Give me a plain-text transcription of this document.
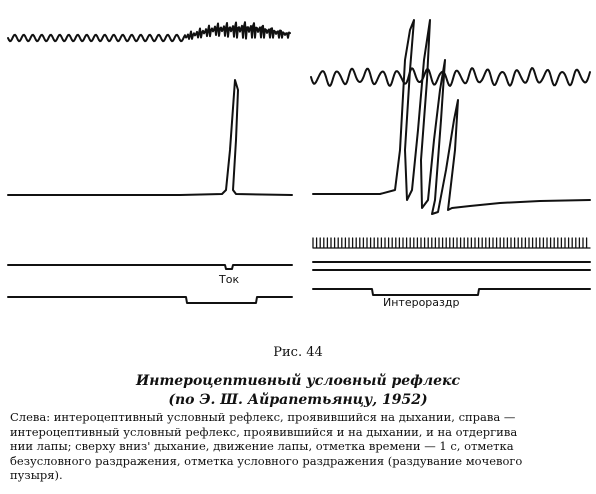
Ток
Интерораздр
Рис. 44
Интероцептивный условный рефлекс
(по Э. Ш. Айрапетьянцу, 1952)
Слева: интероцептивный условный рефлекс, проявившийся на дыхании, справа —
интероцептивный условный рефлекс, проявившийся и на дыхании, и на отдергива
нии лапы; сверху вниз' дыхание, движение лапы, отметка времени — 1 с, отметка
безусловного раздражения, отметка условного раздражения (раздувание мочевого
пузыря).
